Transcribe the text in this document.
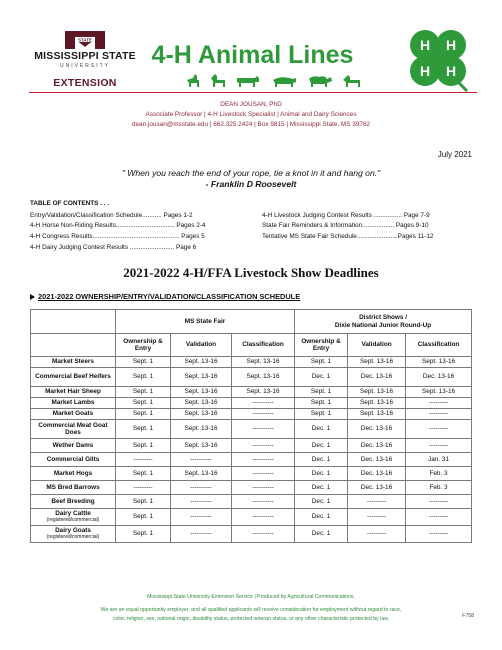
STATE
MISSISSIPPI STATE
UNIVERSITY
EXTENSION
4-H Animal Lines	H H
H H
DEAN JOUSAN, PhD
Associate Professor | 4-H Livestock Specialist | Animal and Dairy Sciences
dean.jousan@msstate.edu | 662.325.2424 | Box 9815 | Mississippi State, MS 39762
July 2021
" When you reach the end of your rope, tie a knot in it and hang on."
- Franklin D Roosevelt
TABLE OF CONTENTS . . .
Entry/Validation/Classification Schedule........... Pages 1-2
4-H Horse Non-Riding Results................................. Pages 2-4
4-H Congress Results................................................. Pages 5
4-H Dairy Judging Contest Results ......................... Page 6
4-H Livestock Judging Contest Results ................ Page 7-9
State Fair Reminders & Information.................. Pages 9-10
Tentative MS State Fair Schedule.......................Pages 11-12
2021-2022 4-H/FFA Livestock Show Deadlines
2021-2022 OWNERSHIP/ENTRY/VALIDATION/CLASSIFICATION SCHEDULE
	MS State Fair			District Shows /
Dixie National Junior Round-Up		
	Ownership & Entry	Validation	Classification	Ownership & Entry	Validation	Classification
Market Steers	Sept. 1	Sept. 13-16	Sept. 13-16	Sept. 1	Sept. 13-16	Sept. 13-16
Commercial Beef Heifers	Sept. 1	Sept. 13-16	Sept. 13-16	Dec. 1	Dec. 13-16	Dec. 13-16
Market Hair Sheep	Sept. 1	Sept. 13-16	Sept. 13-16	Sept. 1	Sept. 13-16	Sept. 13-16
Market Lambs	Sept. 1	Sept. 13-16	----------	Sept. 1	Sept. 13-16	---------
Market Goats	Sept. 1	Sept. 13-16	----------	Sept. 1	Sept. 13-16	---------
Commercial Meat Goat Does	Sept. 1	Sept. 13-16	----------	Dec. 1	Dec. 13-16	---------
Wether Dams	Sept. 1	Sept. 13-16	----------	Dec. 1	Dec. 13-16	---------
Commercial Gilts	---------	----------	----------	Dec. 1	Dec. 13-16	Jan. 31
Market Hogs	Sept. 1	Sept. 13-16	----------	Dec. 1	Dec. 13-16	Feb. 3
MS Bred Barrows	---------	----------	----------	Dec. 1	Dec. 13-16	Feb. 3
Beef Breeding	Sept. 1	----------	----------	Dec. 1	---------	---------
Dairy Cattle
(registered/commercial)	Sept. 1	----------	----------	Dec. 1	---------	---------
Dairy Goats
(registered/commercial)	Sept. 1	----------	----------	Dec. 1	---------	---------
Mississippi State University Extension Service | Produced by Agricultural Communications.
We are an equal opportunity employer, and all qualified applicants will receive consideration for employment without regard to race,
color, religion, sex, national origin, disability status, protected veteran status, or any other characteristic protected by law.	F758
